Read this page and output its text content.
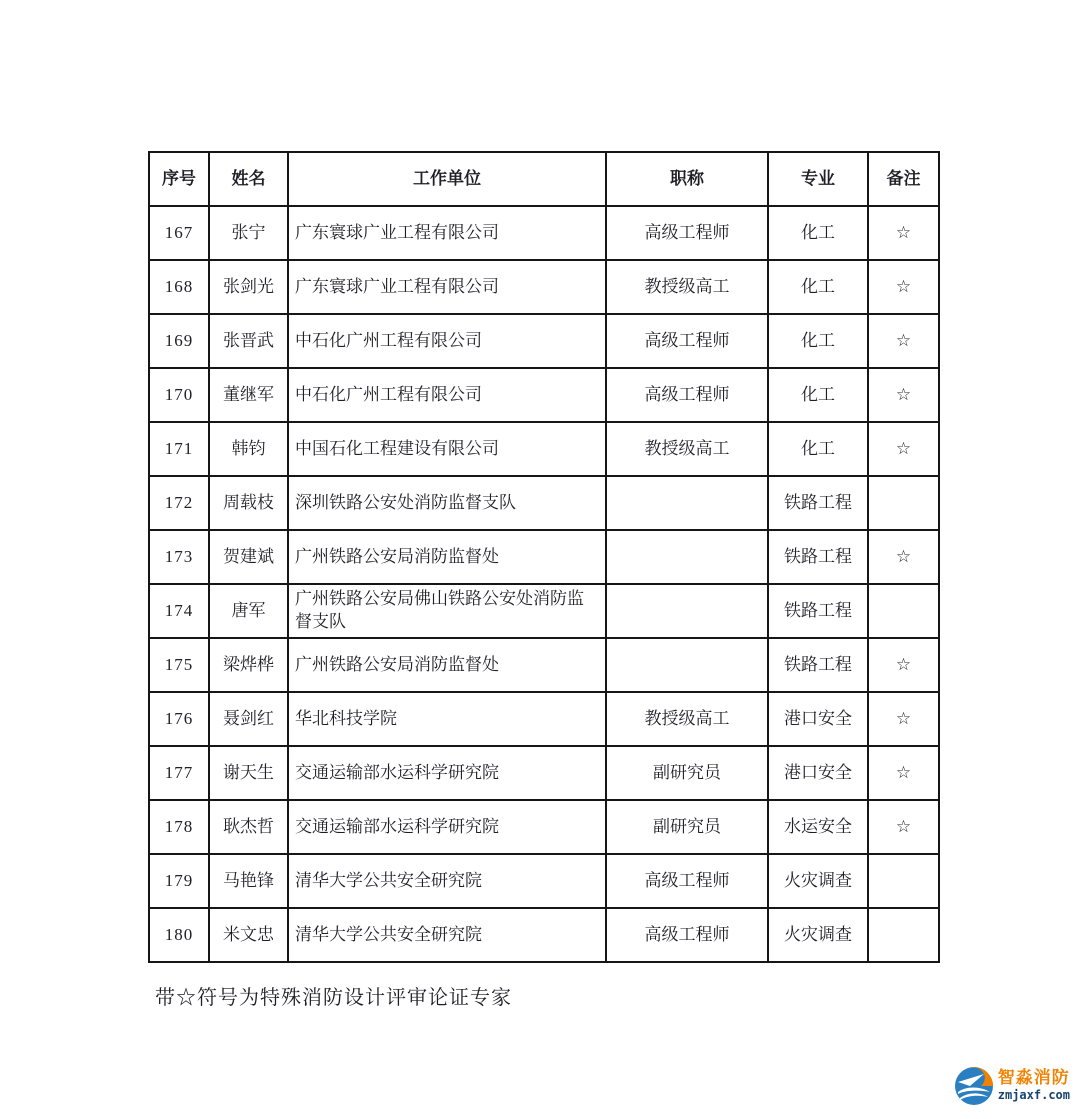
序号	姓名	工作单位	职称	专业	备注
167	张宁	广东寰球广业工程有限公司	高级工程师	化工	☆
168	张剑光	广东寰球广业工程有限公司	教授级高工	化工	☆
169	张晋武	中石化广州工程有限公司	高级工程师	化工	☆
170	董继军	中石化广州工程有限公司	高级工程师	化工	☆
171	韩钧	中国石化工程建设有限公司	教授级高工	化工	☆
172	周载枝	深圳铁路公安处消防监督支队		铁路工程	
173	贺建斌	广州铁路公安局消防监督处		铁路工程	☆
174	唐军	广州铁路公安局佛山铁路公安处消防监督支队		铁路工程	
175	梁烨桦	广州铁路公安局消防监督处		铁路工程	☆
176	聂剑红	华北科技学院	教授级高工	港口安全	☆
177	谢天生	交通运输部水运科学研究院	副研究员	港口安全	☆
178	耿杰哲	交通运输部水运科学研究院	副研究员	水运安全	☆
179	马艳锋	清华大学公共安全研究院	高级工程师	火灾调查	
180	米文忠	清华大学公共安全研究院	高级工程师	火灾调查	
带☆符号为特殊消防设计评审论证专家
智淼消防
zmjaxf.com
